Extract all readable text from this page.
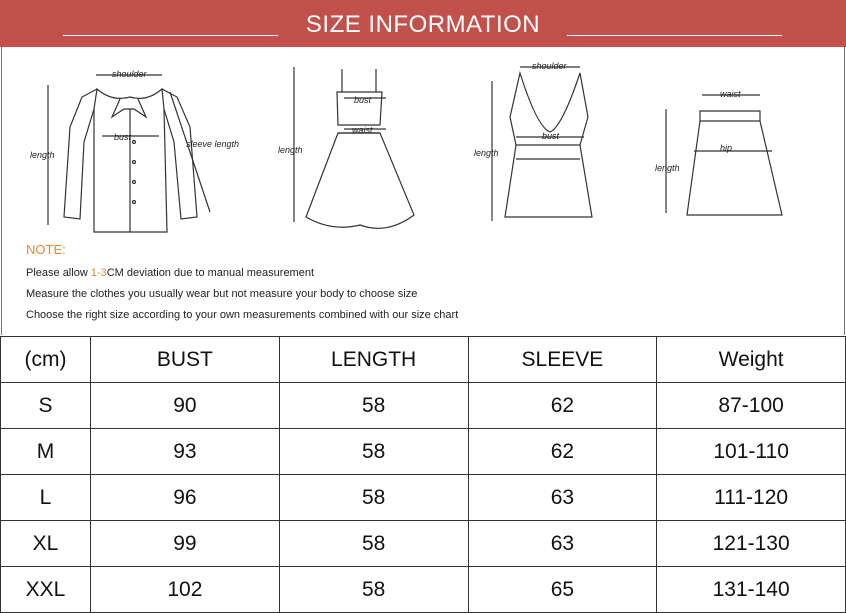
SIZE INFORMATION
shoulder
bust
sleeve length
length
bust
waist
length
shoulder
bust
length
waist
hip
length
NOTE:
Please allow 1-3CM deviation due to manual measurement
Measure the clothes you usually wear but not measure your body to choose size
Choose the right size according to your own measurements combined with our size chart
(cm)	BUST	LENGTH	SLEEVE	Weight
S	90	58	62	87-100
M	93	58	62	101-110
L	96	58	63	111-120
XL	99	58	63	121-130
XXL	102	58	65	131-140
